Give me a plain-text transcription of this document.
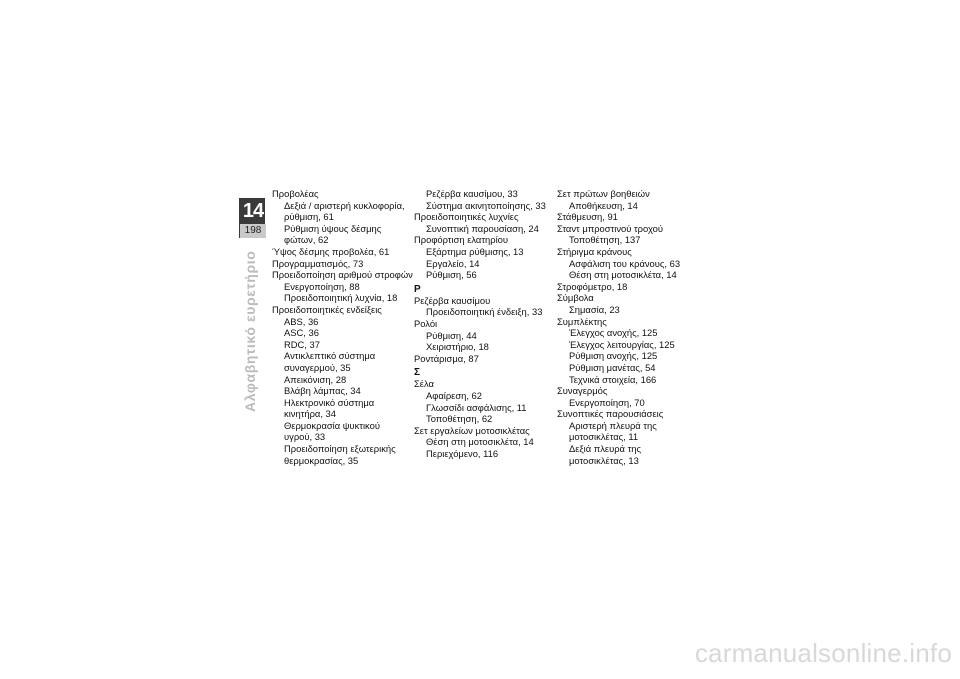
14
198
Αλφαβητικό ευρετήριο
Προβολέας
Δεξιά / αριστερή κυκλοφορία,
ρύθμιση, 61
Ρύθμιση ύψους δέσμης
φώτων, 62
Ύψος δέσμης προβολέα, 61
Προγραμματισμός, 73
Προειδοποίηση αριθμού στροφών
Ενεργοποίηση, 88
Προειδοποιητική λυχνία, 18
Προειδοποιητικές ενδείξεις
ABS, 36
ASC, 36
RDC, 37
Αντικλεπτικό σύστημα
συναγερμού, 35
Απεικόνιση, 28
Βλάβη λάμπας, 34
Ηλεκτρονικό σύστημα
κινητήρα, 34
Θερμοκρασία ψυκτικού
υγρού, 33
Προειδοποίηση εξωτερικής
θερμοκρασίας, 35
Ρεζέρβα καυσίμου, 33
Σύστημα ακινητοποίησης, 33
Προειδοποιητικές λυχνίες
Συνοπτική παρουσίαση, 24
Προφόρτιση ελατηρίου
Εξάρτημα ρύθμισης, 13
Εργαλείο, 14
Ρύθμιση, 56
Ρ
Ρεζέρβα καυσίμου
Προειδοποιητική ένδειξη, 33
Ρολόι
Ρύθμιση, 44
Χειριστήριο, 18
Ροντάρισμα, 87
Σ
Σέλα
Αφαίρεση, 62
Γλωσσίδι ασφάλισης, 11
Τοποθέτηση, 62
Σετ εργαλείων μοτοσικλέτας
Θέση στη μοτοσικλέτα, 14
Περιεχόμενο, 116
Σετ πρώτων βοηθειών
Αποθήκευση, 14
Στάθμευση, 91
Σταντ μπροστινού τροχού
Τοποθέτηση, 137
Στήριγμα κράνους
Ασφάλιση του κράνους, 63
Θέση στη μοτοσικλέτα, 14
Στροφόμετρο, 18
Σύμβολα
Σημασία, 23
Συμπλέκτης
Έλεγχος ανοχής, 125
Έλεγχος λειτουργίας, 125
Ρύθμιση ανοχής, 125
Ρύθμιση μανέτας, 54
Τεχνικά στοιχεία, 166
Συναγερμός
Ενεργοποίηση, 70
Συνοπτικές παρουσιάσεις
Αριστερή πλευρά της
μοτοσικλέτας, 11
Δεξιά πλευρά της
μοτοσικλέτας, 13
carmanualsonline.info
